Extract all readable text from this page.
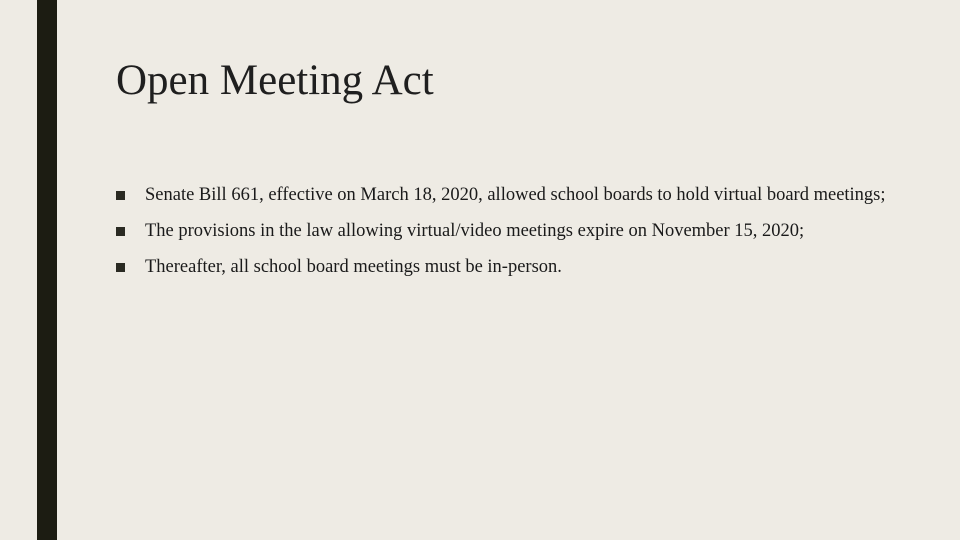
Open Meeting Act
Senate Bill 661, effective on March 18, 2020, allowed school boards to hold virtual board meetings;
The provisions in the law allowing virtual/video meetings expire on November 15, 2020;
Thereafter, all school board meetings must be in-person.
